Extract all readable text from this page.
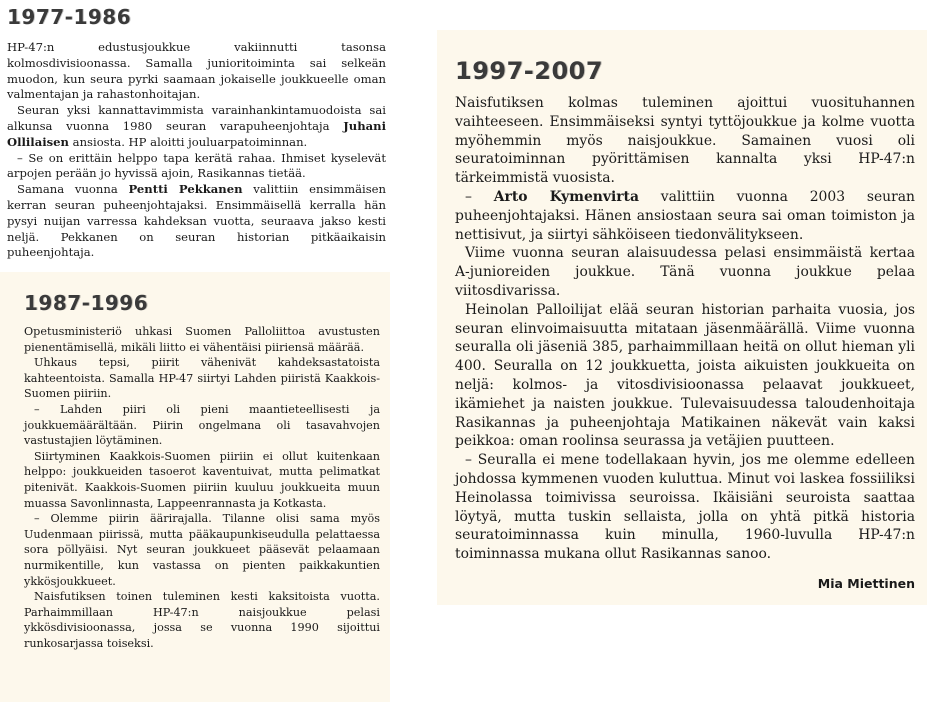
1977-1986

HP-47:n edustusjoukkue vakiinnutti tasonsa kolmosdivisioonassa. Samalla junioritoiminta sai selkeän muodon, kun seura pyrki saamaan jokaiselle joukkueelle oman valmentajan ja rahastonhoitajan.

Seuran yksi kannattavimmista varainhankintamuodoista sai alkunsa vuonna 1980 seuran varapuheenjohtaja Juhani Ollilaisen ansiosta. HP aloitti jouluarpatoiminnan.

– Se on erittäin helppo tapa kerätä rahaa. Ihmiset kyselevät arpojen perään jo hyvissä ajoin, Rasikannas tietää.

Samana vuonna Pentti Pekkanen valittiin ensimmäisen kerran seuran puheenjohtajaksi. Ensimmäisellä kerralla hän pysyi nuijan varressa kahdeksan vuotta, seuraava jakso kesti neljä. Pekkanen on seuran historian pitkäaikaisin puheenjohtaja.

1987-1996

Opetusministeriö uhkasi Suomen Palloliittoa avustusten pienentämisellä, mikäli liitto ei vähentäisi piiriensä määrää.

Uhkaus tepsi, piirit vähenivät kahdeksastatoista kahteentoista. Samalla HP-47 siirtyi Lahden piiristä Kaakkois-Suomen piiriin.

– Lahden piiri oli pieni maantieteellisesti ja joukkuemäärältään. Piirin ongelmana oli tasavahvojen vastustajien löytäminen.

Siirtyminen Kaakkois-Suomen piiriin ei ollut kuitenkaan helppo: joukkueiden tasoerot kaventuivat, mutta pelimatkat pitenivät. Kaakkois-Suomen piiriin kuuluu joukkueita muun muassa Savonlinnasta, Lappeenrannasta ja Kotkasta.

– Olemme piirin äärirajalla. Tilanne olisi sama myös Uudenmaan piirissä, mutta pääkaupunkiseudulla pelattaessa sora pöllyäisi. Nyt seuran joukkueet pääsevät pelaamaan nurmikentille, kun vastassa on pienten paikkakuntien ykkösjoukkueet.

Naisfutiksen toinen tuleminen kesti kaksitoista vuotta. Parhaimmillaan HP-47:n naisjoukkue pelasi ykkösdivisioonassa, jossa se vuonna 1990 sijoittui runkosarjassa toiseksi.

1997-2007

Naisfutiksen kolmas tuleminen ajoittui vuosituhannen vaihteeseen. Ensimmäiseksi syntyi tyttöjoukkue ja kolme vuotta myöhemmin myös naisjoukkue. Samainen vuosi oli seuratoiminnan pyörittämisen kannalta yksi HP-47:n tärkeimmistä vuosista.

– Arto Kymenvirta valittiin vuonna 2003 seuran puheenjohtajaksi. Hänen ansiostaan seura sai oman toimiston ja nettisivut, ja siirtyi sähköiseen tiedonvälitykseen.

Viime vuonna seuran alaisuudessa pelasi ensimmäistä kertaa A-junioreiden joukkue. Tänä vuonna joukkue pelaa viitosdivarissa.

Heinolan Palloilijat elää seuran historian parhaita vuosia, jos seuran elinvoimaisuutta mitataan jäsenmäärällä. Viime vuonna seuralla oli jäseniä 385, parhaimmillaan heitä on ollut hieman yli 400. Seuralla on 12 joukkuetta, joista aikuisten joukkueita on neljä: kolmos- ja vitosdivisioonassa pelaavat joukkueet, ikämiehet ja naisten joukkue. Tulevaisuudessa taloudenhoitaja Rasikannas ja puheenjohtaja Matikainen näkevät vain kaksi peikkoa: oman roolinsa seurassa ja vetäjien puutteen.

– Seuralla ei mene todellakaan hyvin, jos me olemme edelleen johdossa kymmenen vuoden kuluttua. Minut voi laskea fossiiliksi Heinolassa toimivissa seuroissa. Ikäisiäni seuroista saattaa löytyä, mutta tuskin sellaista, jolla on yhtä pitkä historia seuratoiminnassa kuin minulla, 1960-luvulla HP-47:n toiminnassa mukana ollut Rasikannas sanoo.

Mia Miettinen
